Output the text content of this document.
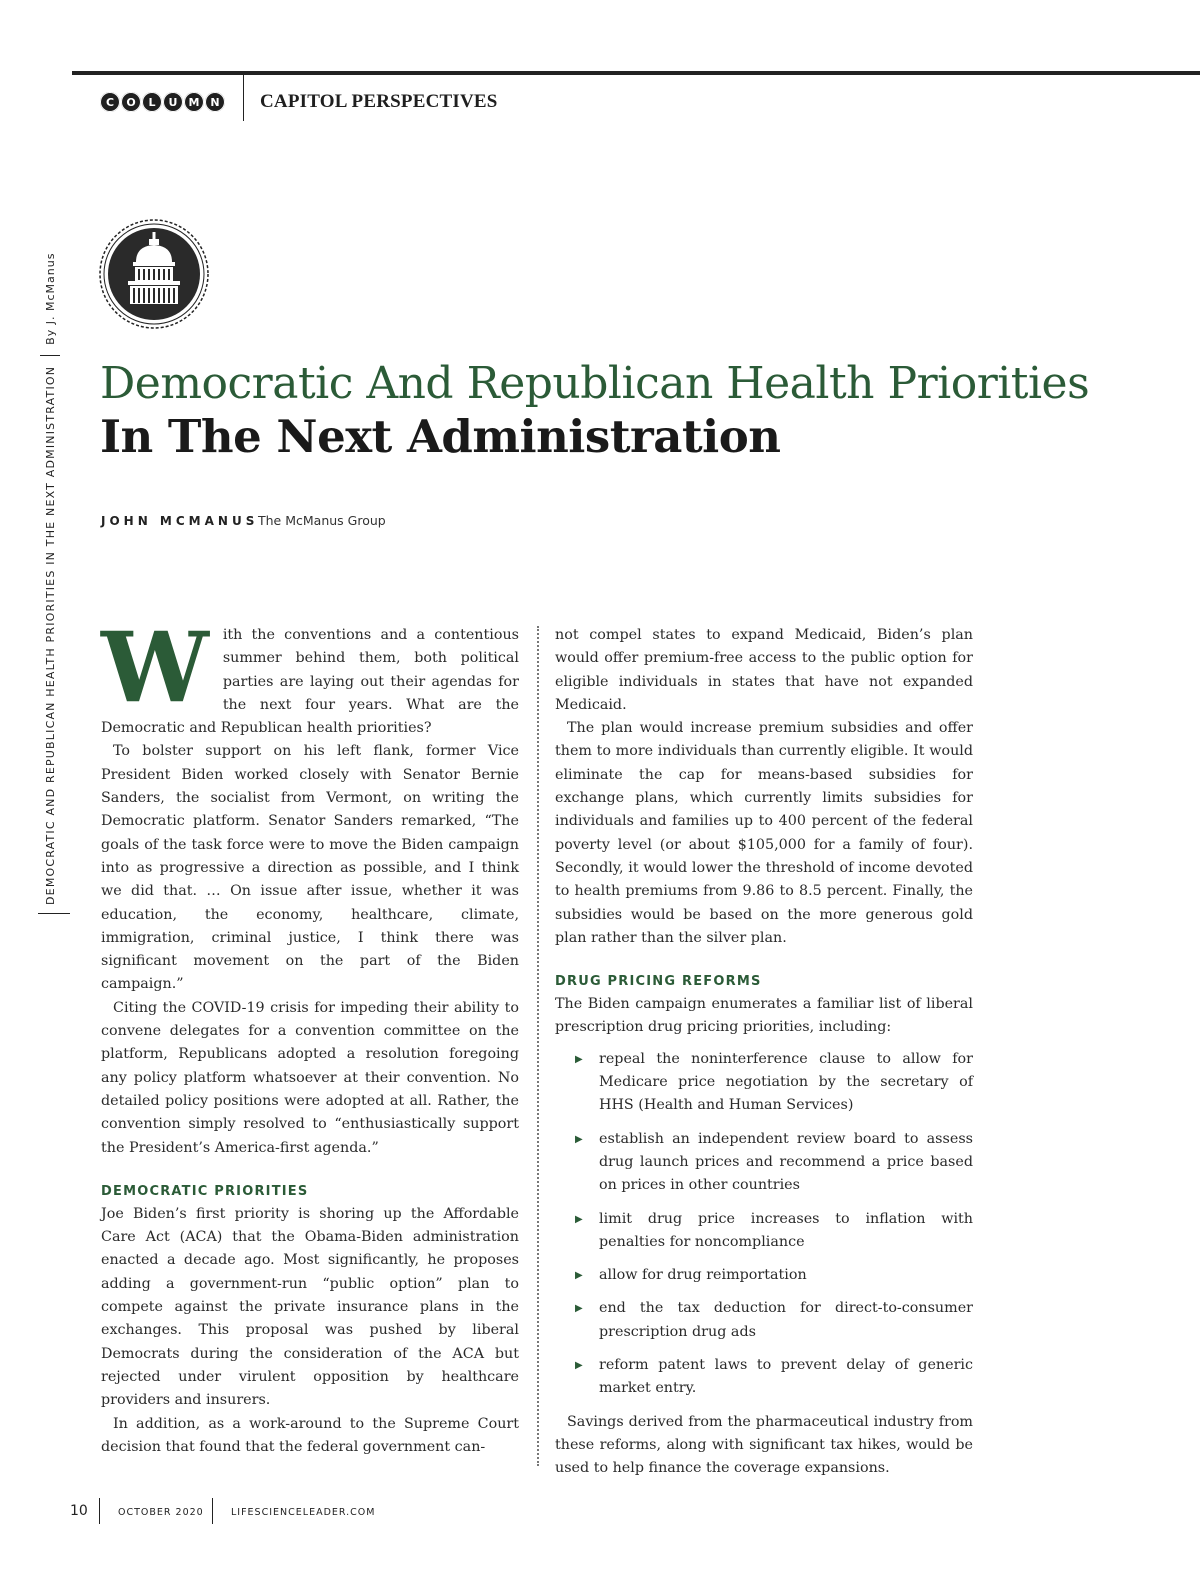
C	O	L	U	M N CAPITOL PERSPECTIVES
DEMOCRATIC AND REPUBLICAN HEALTH PRIORITIES IN THE NEXT ADMINISTRATION
By J. McManus
Democratic And Republican Health Priorities
In The Next Administration
JOHN MCMANUS The McManus Group

With the conventions and a contentious summer behind them, both political parties are laying out their agendas for the next four years. What are the Democratic and Republican health priorities?

To bolster support on his left flank, former Vice President Biden worked closely with Senator Bernie Sanders, the socialist from Vermont, on writing the Democratic platform. Senator Sanders remarked, “The goals of the task force were to move the Biden campaign into as progressive a direction as possible, and I think we did that. … On issue after issue, whether it was education, the economy, healthcare, climate, immigration, criminal justice, I think there was significant movement on the part of the Biden campaign.”

Citing the COVID-19 crisis for impeding their ability to convene delegates for a convention committee on the platform, Republicans adopted a resolution foregoing any policy platform whatsoever at their convention. No detailed policy positions were adopted at all. Rather, the convention simply resolved to “enthusiastically support the President’s America-first agenda.”

DEMOCRATIC PRIORITIES

Joe Biden’s first priority is shoring up the Affordable Care Act (ACA) that the Obama-Biden administration enacted a decade ago. Most significantly, he proposes adding a government-run “public option” plan to compete against the private insurance plans in the exchanges. This proposal was pushed by liberal Democrats during the consideration of the ACA but rejected under virulent opposition by healthcare providers and insurers.

In addition, as a work-around to the Supreme Court decision that found that the federal government can-

not compel states to expand Medicaid, Biden’s plan would offer premium-free access to the public option for eligible individuals in states that have not expanded Medicaid.

The plan would increase premium subsidies and offer them to more individuals than currently eligible. It would eliminate the cap for means-based subsidies for exchange plans, which currently limits subsidies for individuals and families up to 400 percent of the federal poverty level (or about $105,000 for a family of four). Secondly, it would lower the threshold of income devoted to health premiums from 9.86 to 8.5 percent. Finally, the subsidies would be based on the more generous gold plan rather than the silver plan.

DRUG PRICING REFORMS

The Biden campaign enumerates a familiar list of liberal prescription drug pricing priorities, including:

▶ repeal the noninterference clause to allow for Medicare price negotiation by the secretary of HHS (Health and Human Services)
▶ establish an independent review board to assess drug launch prices and recommend a price based on prices in other countries
▶ limit drug price increases to inflation with penalties for noncompliance
▶ allow for drug reimportation
▶ end the tax deduction for direct-to-consumer prescription drug ads
▶ reform patent laws to prevent delay of generic market entry.

Savings derived from the pharmaceutical industry from these reforms, along with significant tax hikes, would be used to help finance the coverage expansions.

10	OCTOBER 2020	LIFESCIENCELEADER.COM
